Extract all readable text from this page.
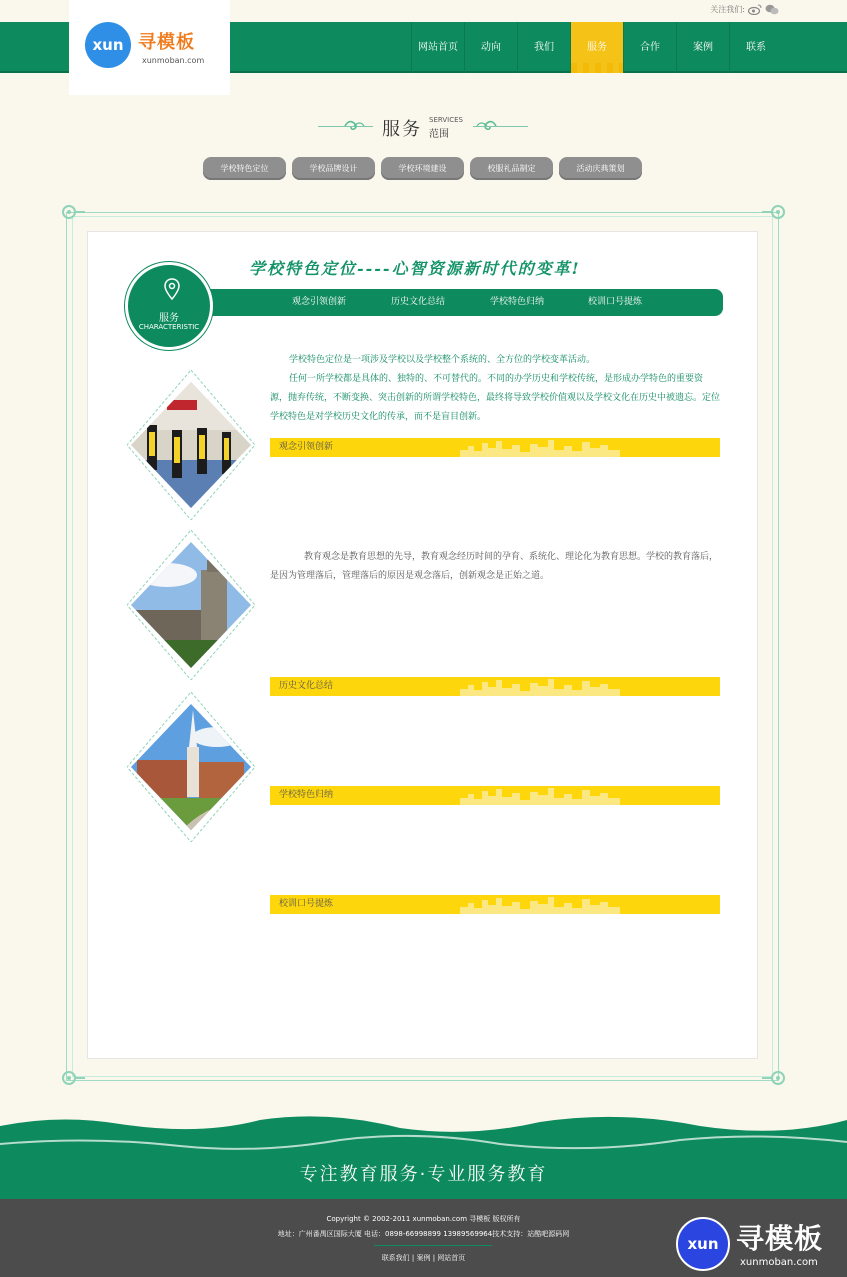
关注我们:
xun 寻模板
xunmoban.com
网站首页	动向	我们	服务	合作	案例	联系
服务 SERVICES
范围
学校特色定位	学校品牌设计	学校环境建设	校服礼品制定	活动庆典策划
学校特色定位----心智资源新时代的变革!
观念引领创新	历史文化总结	学校特色归纳	校训口号提炼
服务
CHARACTERISTIC

学校特色定位是一项涉及学校以及学校整个系统的、全方位的学校变革活动。

任何一所学校都是具体的、独特的、不可替代的。不同的办学历史和学校传统，是形成办学特色的重要资源，抛弃传统，不断变换、突击创新的所谓学校特色，最终将导致学校价值观以及学校文化在历史中被遗忘。定位学校特色是对学校历史文化的传承，而不是盲目创新。

观念引领创新
历史文化总结
学校特色归纳
校训口号提炼
教育观念是教育思想的先导，教育观念经历时间的孕育、系统化、理论化为教育思想。学校的教育落后，是因为管理落后，管理落后的原因是观念落后，创新观念是正始之道。
专注教育服务·专业服务教育
Copyright © 2002-2011 xunmoban.com 寻模板 版权所有
地址：广州番禺区国际大厦 电话：0898-66998899 13989569964技术支持：站酷吧源码网
联系我们 | 案例 | 网站首页
xun 寻模板
xunmoban.com
